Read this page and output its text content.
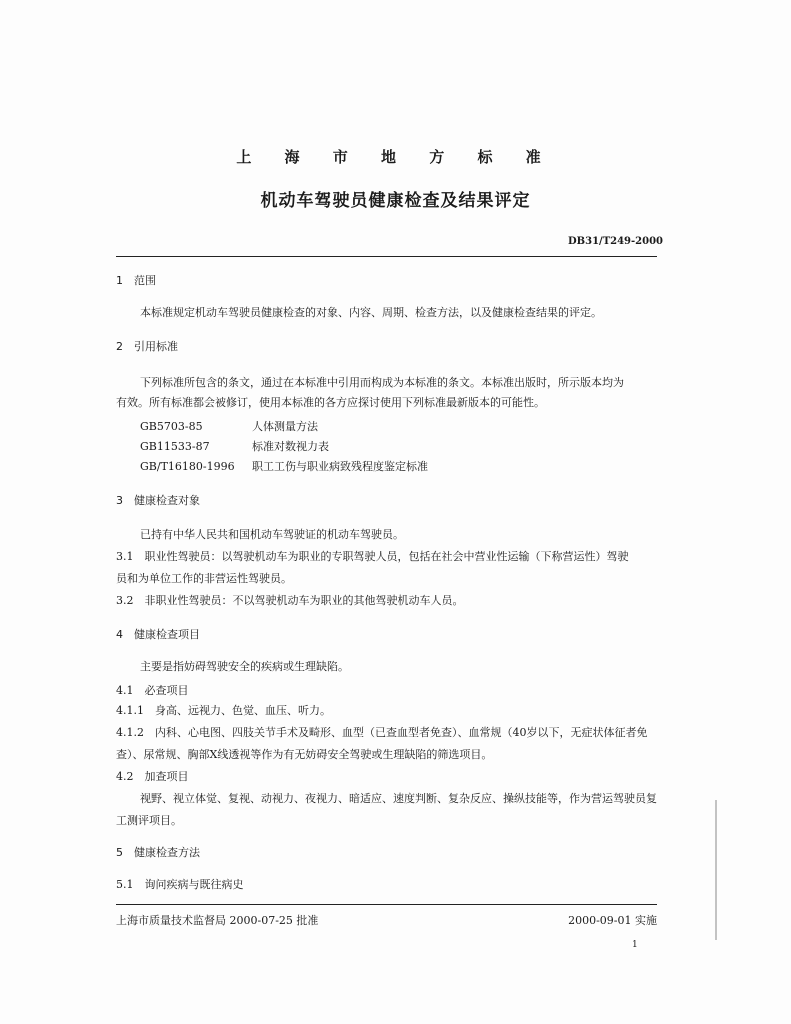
上 海 市 地 方 标 准
机动车驾驶员健康检查及结果评定
DB31/T249-2000
1　范围
本标准规定机动车驾驶员健康检查的对象、内容、周期、检查方法，以及健康检查结果的评定。
2　引用标准
下列标准所包含的条文，通过在本标准中引用而构成为本标准的条文。本标准出版时，所示版本均为
有效。所有标准都会被修订，使用本标准的各方应探讨使用下列标准最新版本的可能性。
GB5703-85	人体测量方法
GB11533-87	标准对数视力表
GB/T16180-1996 职工工伤与职业病致残程度鉴定标准
3　健康检查对象
已持有中华人民共和国机动车驾驶证的机动车驾驶员。
3.1　职业性驾驶员：以驾驶机动车为职业的专职驾驶人员，包括在社会中营业性运输（下称营运性）驾驶
员和为单位工作的非营运性驾驶员。
3.2　非职业性驾驶员：不以驾驶机动车为职业的其他驾驶机动车人员。
4　健康检查项目
主要是指妨碍驾驶安全的疾病或生理缺陷。
4.1　必查项目
4.1.1　身高、远视力、色觉、血压、听力。
4.1.2　内科、心电图、四肢关节手术及畸形、血型（已查血型者免查）、血常规（40岁以下，无症状体征者免
查）、尿常规、胸部X线透视等作为有无妨碍安全驾驶或生理缺陷的筛选项目。
4.2　加查项目
视野、视立体觉、复视、动视力、夜视力、暗适应、速度判断、复杂反应、操纵技能等，作为营运驾驶员复
工测评项目。
5　健康检查方法
5.1　询问疾病与既往病史
上海市质量技术监督局 2000-07-25 批准	2000-09-01 实施
1
